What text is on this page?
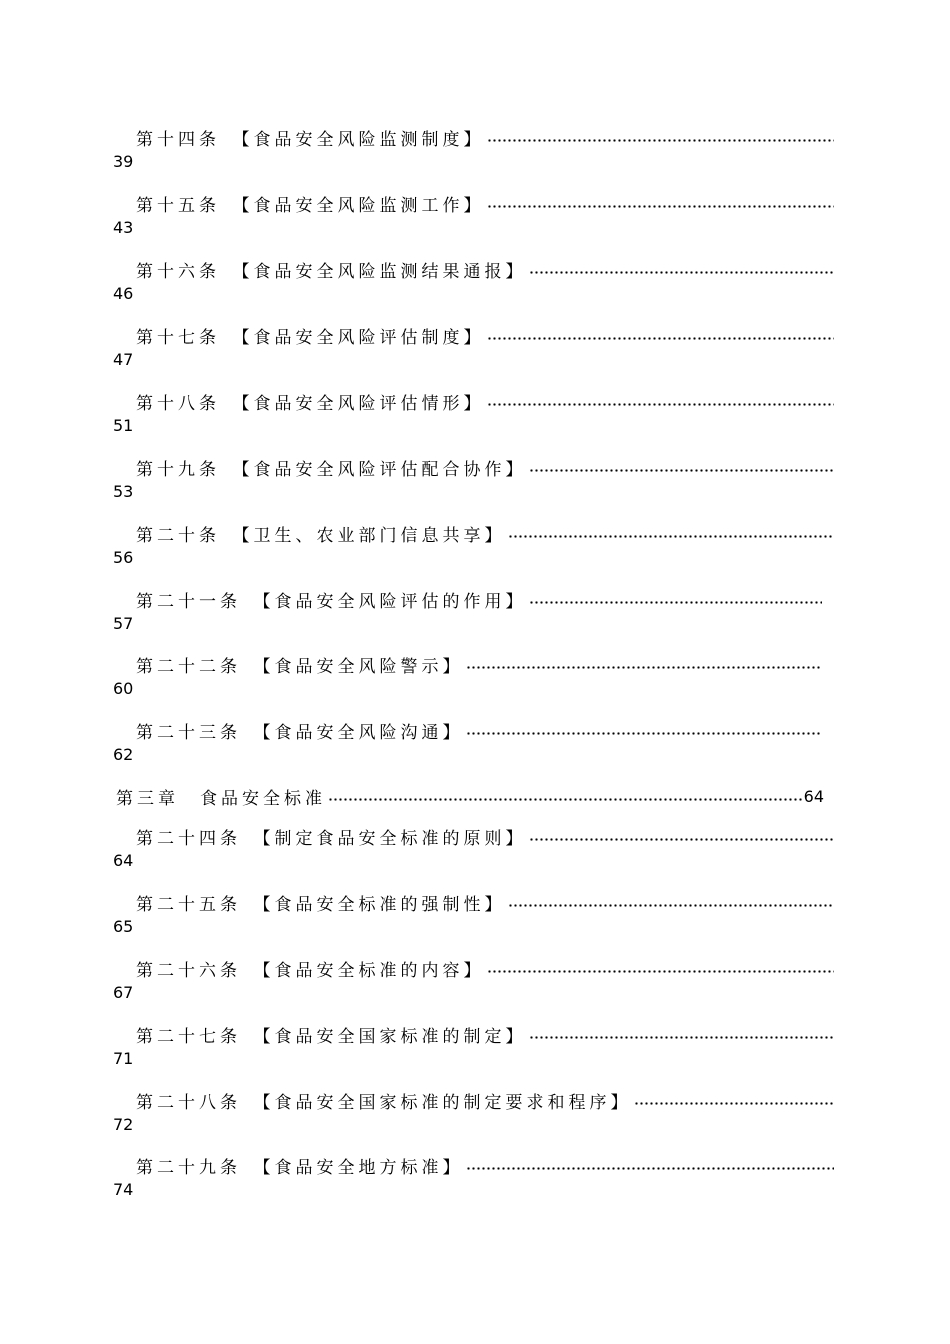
第十四条　【食品安全风险监测制度】
39
第十五条　【食品安全风险监测工作】
43
第十六条　【食品安全风险监测结果通报】
46
第十七条　【食品安全风险评估制度】
47
第十八条　【食品安全风险评估情形】
51
第十九条　【食品安全风险评估配合协作】
53
第二十条　【卫生、农业部门信息共享】
56
第二十一条　【食品安全风险评估的作用】
57
第二十二条　【食品安全风险警示】
60
第二十三条　【食品安全风险沟通】
62
第三章　食品安全标准	64
第二十四条　【制定食品安全标准的原则】
64
第二十五条　【食品安全标准的强制性】
65
第二十六条　【食品安全标准的内容】
67
第二十七条　【食品安全国家标准的制定】
71
第二十八条　【食品安全国家标准的制定要求和程序】
72
第二十九条　【食品安全地方标准】
74
